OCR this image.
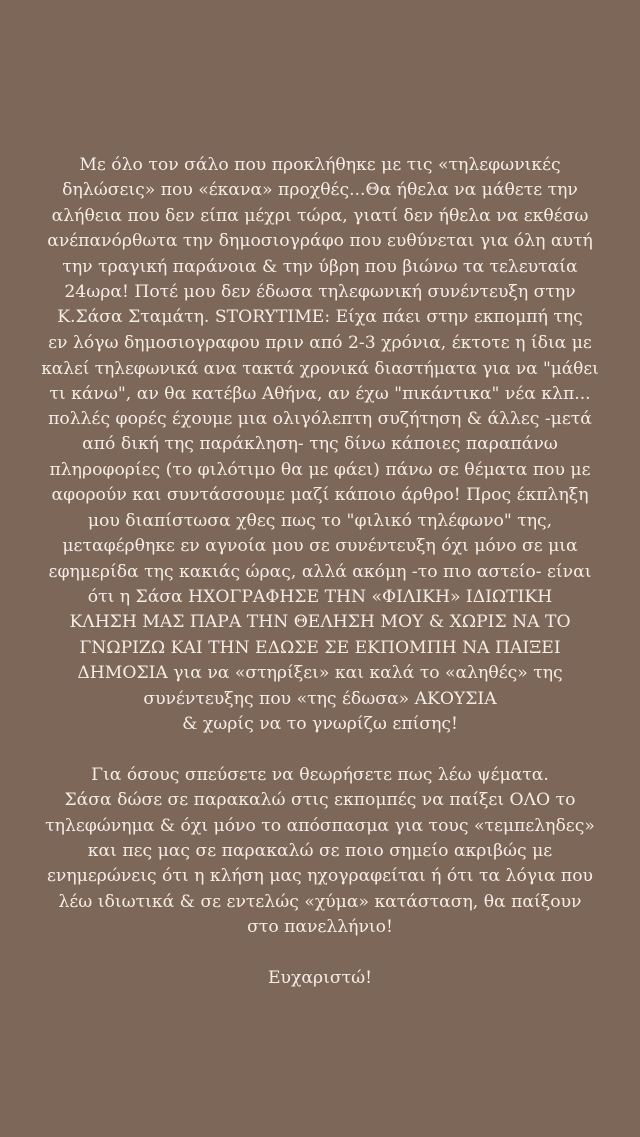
Με όλο τον σάλο που προκλήθηκε με τις «τηλεφωνικές
δηλώσεις» που «έκανα» προχθές...Θα ήθελα να μάθετε την
αλήθεια που δεν είπα μέχρι τώρα, γιατί δεν ήθελα να εκθέσω
ανέπανόρθωτα την δημοσιογράφο που ευθύνεται για όλη αυτή
την τραγική παράνοια & την ύβρη που βιώνω τα τελευταία
24ωρα! Ποτέ μου δεν έδωσα τηλεφωνική συνέντευξη στην
Κ.Σάσα Σταμάτη. STORYTIME: Είχα πάει στην εκπομπή της
εν λόγω δημοσιογραφου πριν από 2-3 χρόνια, έκτοτε η ίδια με
καλεί τηλεφωνικά ανα τακτά χρονικά διαστήματα για να "μάθει
τι κάνω", αν θα κατέβω Αθήνα, αν έχω "πικάντικα" νέα κλπ...
πολλές φορές έχουμε μια ολιγόλεπτη συζήτηση & άλλες -μετά
από δική της παράκληση- της δίνω κάποιες παραπάνω
πληροφορίες (το φιλότιμο θα με φάει) πάνω σε θέματα που με
αφορούν και συντάσσουμε μαζί κάποιο άρθρο! Προς έκπληξη
μου διαπίστωσα χθες πως το "φιλικό τηλέφωνο" της,
μεταφέρθηκε εν αγνοία μου σε συνέντευξη όχι μόνο σε μια
εφημερίδα της κακιάς ώρας, αλλά ακόμη -το πιο αστείο- είναι
ότι η Σάσα ΗΧΟΓΡΑΦΗΣΕ ΤΗΝ «ΦΙΛΙΚΗ» ΙΔΙΩΤΙΚΗ
ΚΛΗΣΗ ΜΑΣ ΠΑΡΑ ΤΗΝ ΘΕΛΗΣΗ ΜΟΥ & ΧΩΡΙΣ ΝΑ ΤΟ
ΓΝΩΡΙΖΩ ΚΑΙ ΤΗΝ ΕΔΩΣΕ ΣΕ ΕΚΠΟΜΠΗ ΝΑ ΠΑΙΞΕΙ
ΔΗΜΟΣΙΑ για να «στηρίξει» και καλά το «αληθές» της
συνέντευξης που «της έδωσα» ΑΚΟΥΣΙΑ
& χωρίς να το γνωρίζω επίσης!
Για όσους σπεύσετε να θεωρήσετε πως λέω ψέματα.
Σάσα δώσε σε παρακαλώ στις εκπομπές να παίξει ΟΛΟ το
τηλεφώνημα & όχι μόνο το απόσπασμα για τους «τεμπεληδες»
και πες μας σε παρακαλώ σε ποιο σημείο ακριβώς με
ενημερώνεις ότι η κλήση μας ηχογραφείται ή ότι τα λόγια που
λέω ιδιωτικά & σε εντελώς «χύμα» κατάσταση, θα παίξουν
στο πανελλήνιο!
Ευχαριστώ!
